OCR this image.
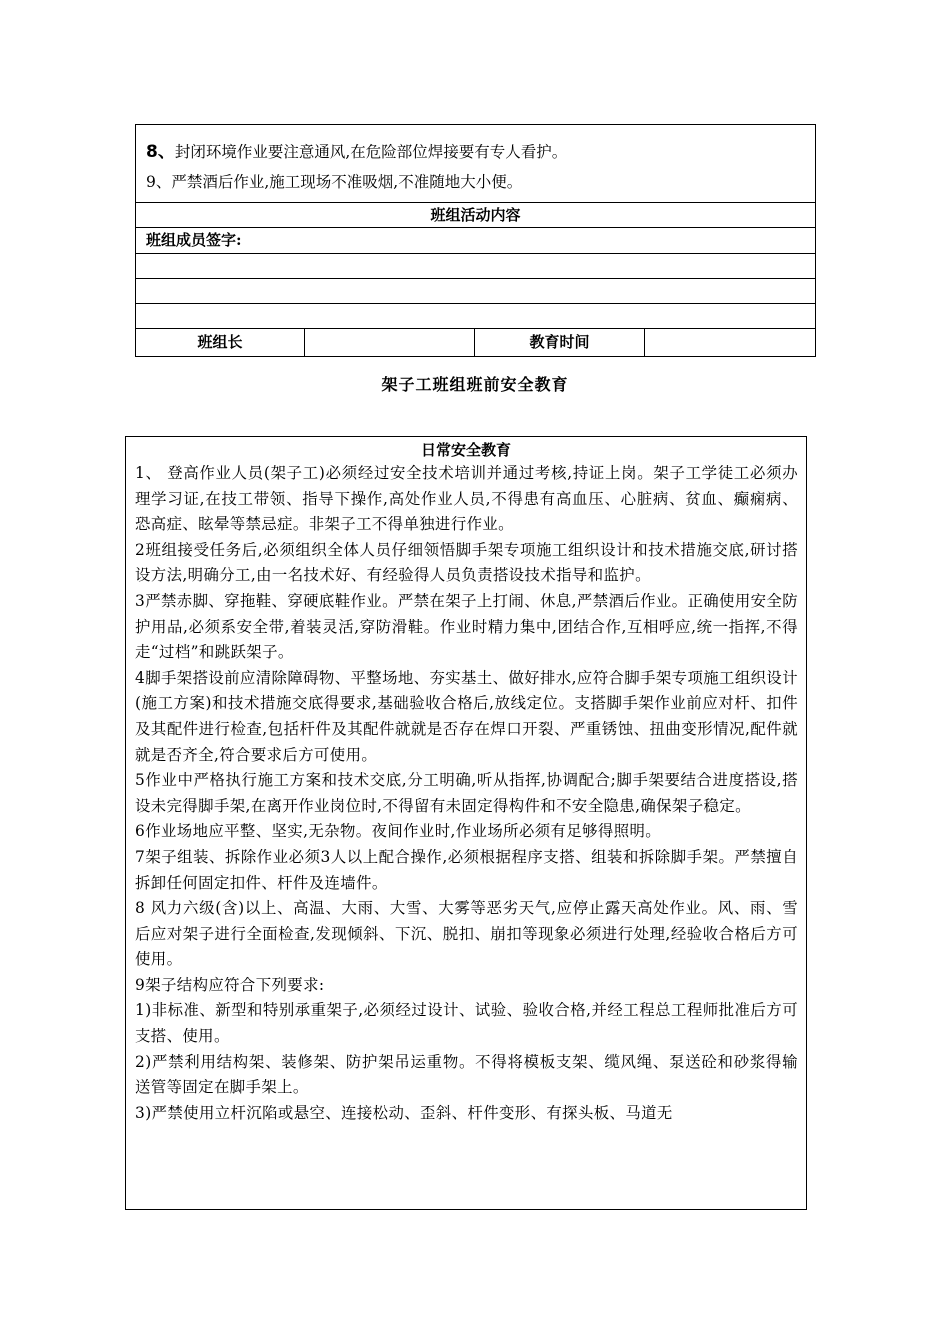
8、封闭环境作业要注意通风,在危险部位焊接要有专人看护。
9、严禁酒后作业,施工现场不准吸烟,不准随地大小便。
班组活动内容
班组成员签字:
班组长	教育时间
架子工班组班前安全教育
日常安全教育

1、 登高作业人员(架子工)必须经过安全技术培训并通过考核,持证上岗。架子工学徒工必须办理学习证,在技工带领、指导下操作,高处作业人员,不得患有高血压、心脏病、贫血、癫痫病、恐高症、眩晕等禁忌症。非架子工不得单独进行作业。

2班组接受任务后,必须组织全体人员仔细领悟脚手架专项施工组织设计和技术措施交底,研讨搭设方法,明确分工,由一名技术好、有经验得人员负责搭设技术指导和监护。

3严禁赤脚、穿拖鞋、穿硬底鞋作业。严禁在架子上打闹、休息,严禁酒后作业。正确使用安全防护用品,必须系安全带,着装灵活,穿防滑鞋。作业时精力集中,团结合作,互相呼应,统一指挥,不得走“过档”和跳跃架子。

4脚手架搭设前应清除障碍物、平整场地、夯实基土、做好排水,应符合脚手架专项施工组织设计(施工方案)和技术措施交底得要求,基础验收合格后,放线定位。支搭脚手架作业前应对杆、扣件及其配件进行检查,包括杆件及其配件就就是否存在焊口开裂、严重锈蚀、扭曲变形情况,配件就就是否齐全,符合要求后方可使用。

5作业中严格执行施工方案和技术交底,分工明确,听从指挥,协调配合;脚手架要结合进度搭设,搭设未完得脚手架,在离开作业岗位时,不得留有未固定得构件和不安全隐患,确保架子稳定。

6作业场地应平整、坚实,无杂物。夜间作业时,作业场所必须有足够得照明。

7架子组装、拆除作业必须3人以上配合操作,必须根据程序支搭、组装和拆除脚手架。严禁擅自拆卸任何固定扣件、杆件及连墙件。

8 风力六级(含)以上、高温、大雨、大雪、大雾等恶劣天气,应停止露天高处作业。风、雨、雪后应对架子进行全面检查,发现倾斜、下沉、脱扣、崩扣等现象必须进行处理,经验收合格后方可使用。

9架子结构应符合下列要求:

1)非标准、新型和特别承重架子,必须经过设计、试验、验收合格,并经工程总工程师批准后方可支搭、使用。

2)严禁利用结构架、装修架、防护架吊运重物。不得将模板支架、缆风绳、泵送砼和砂浆得输送管等固定在脚手架上。

3)严禁使用立杆沉陷或悬空、连接松动、歪斜、杆件变形、有探头板、马道无
